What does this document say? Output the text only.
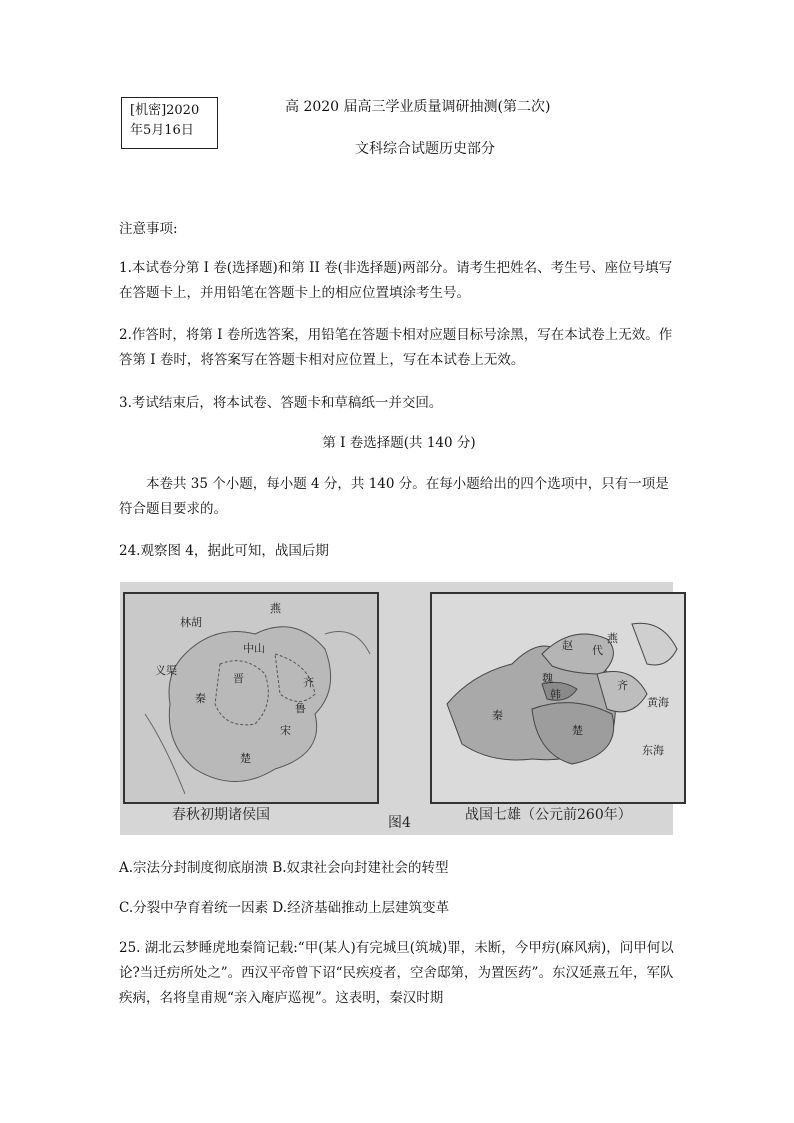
[机密]2020
年5月16日
高 2020 届高三学业质量调研抽测(第二次)
文科综合试题历史部分
注意事项:
1.本试卷分第 I 卷(选择题)和第 II 卷(非选择题)两部分。请考生把姓名、考生号、座位号填写在答题卡上，并用铅笔在答题卡上的相应位置填涂考生号。
2.作答时，将第 I 卷所选答案，用铅笔在答题卡相对应题目标号涂黑，写在本试卷上无效。作答第 I 卷时，将答案写在答题卡相对应位置上，写在本试卷上无效。
3.考试结束后，将本试卷、答题卡和草稿纸一并交回。
第 I 卷选择题(共 140 分)
本卷共 35 个小题，每小题 4 分，共 140 分。在每小题给出的四个选项中，只有一项是符合题目要求的。
24.观察图 4，据此可知，战国后期
燕
林胡
中山
晋	齐
秦
楚
鲁
宋
义渠
赵
燕
代
齐
魏
韩
秦
楚
黄海
东海
春秋初期诸侯国	战国七雄（公元前260年）
图4
A.宗法分封制度彻底崩溃 B.奴隶社会向封建社会的转型
C.分裂中孕育着统一因素 D.经济基础推动上层建筑变革
25. 湖北云梦睡虎地秦简记载:“甲(某人)有完城旦(筑城)罪，未断，今甲疠(麻风病)，问甲何以论?当迁疠所处之”。西汉平帝曾下诏“民疾疫者，空舍邸第，为置医药”。东汉延熹五年，军队疾病，名将皇甫规“亲入庵庐巡视”。这表明，秦汉时期
